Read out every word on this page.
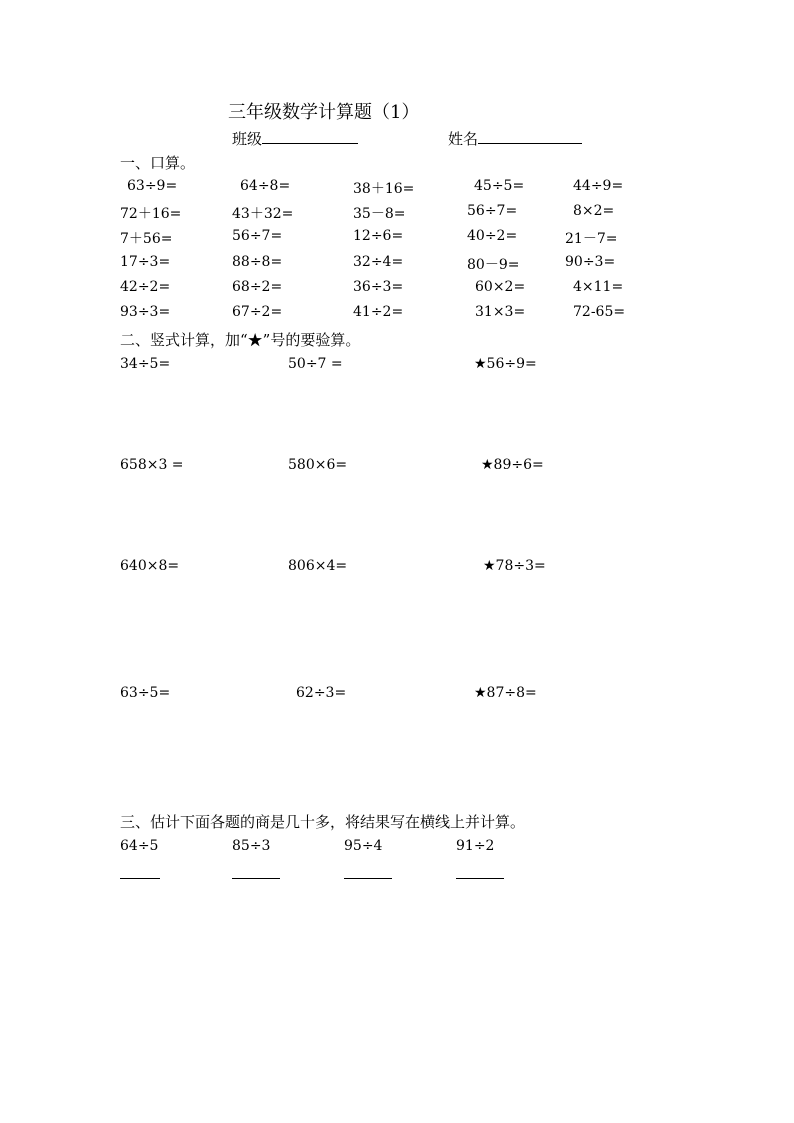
三年级数学计算题（1）
班级	姓名
一、口算。
63÷9=	64÷8=	38＋16=	45÷5=	44÷9=
72＋16=	43＋32=	35－8=	56÷7=	8×2=
7＋56=	56÷7=	12÷6=	40÷2=	21－7=
17÷3=	88÷8=	32÷4=	80－9=	90÷3=
42÷2=	68÷2=	36÷3=	60×2=	4×11=
93÷3=	67÷2=	41÷2=	31×3=	72-65=
二、竖式计算，加“★”号的要验算。
34÷5=	50÷7 =	★56÷9=
658×3 =	580×6=	★89÷6=
640×8=	806×4=	★78÷3=
63÷5=	62÷3=	★87÷8=
三、估计下面各题的商是几十多，将结果写在横线上并计算。
64÷5	85÷3	95÷4	91÷2
